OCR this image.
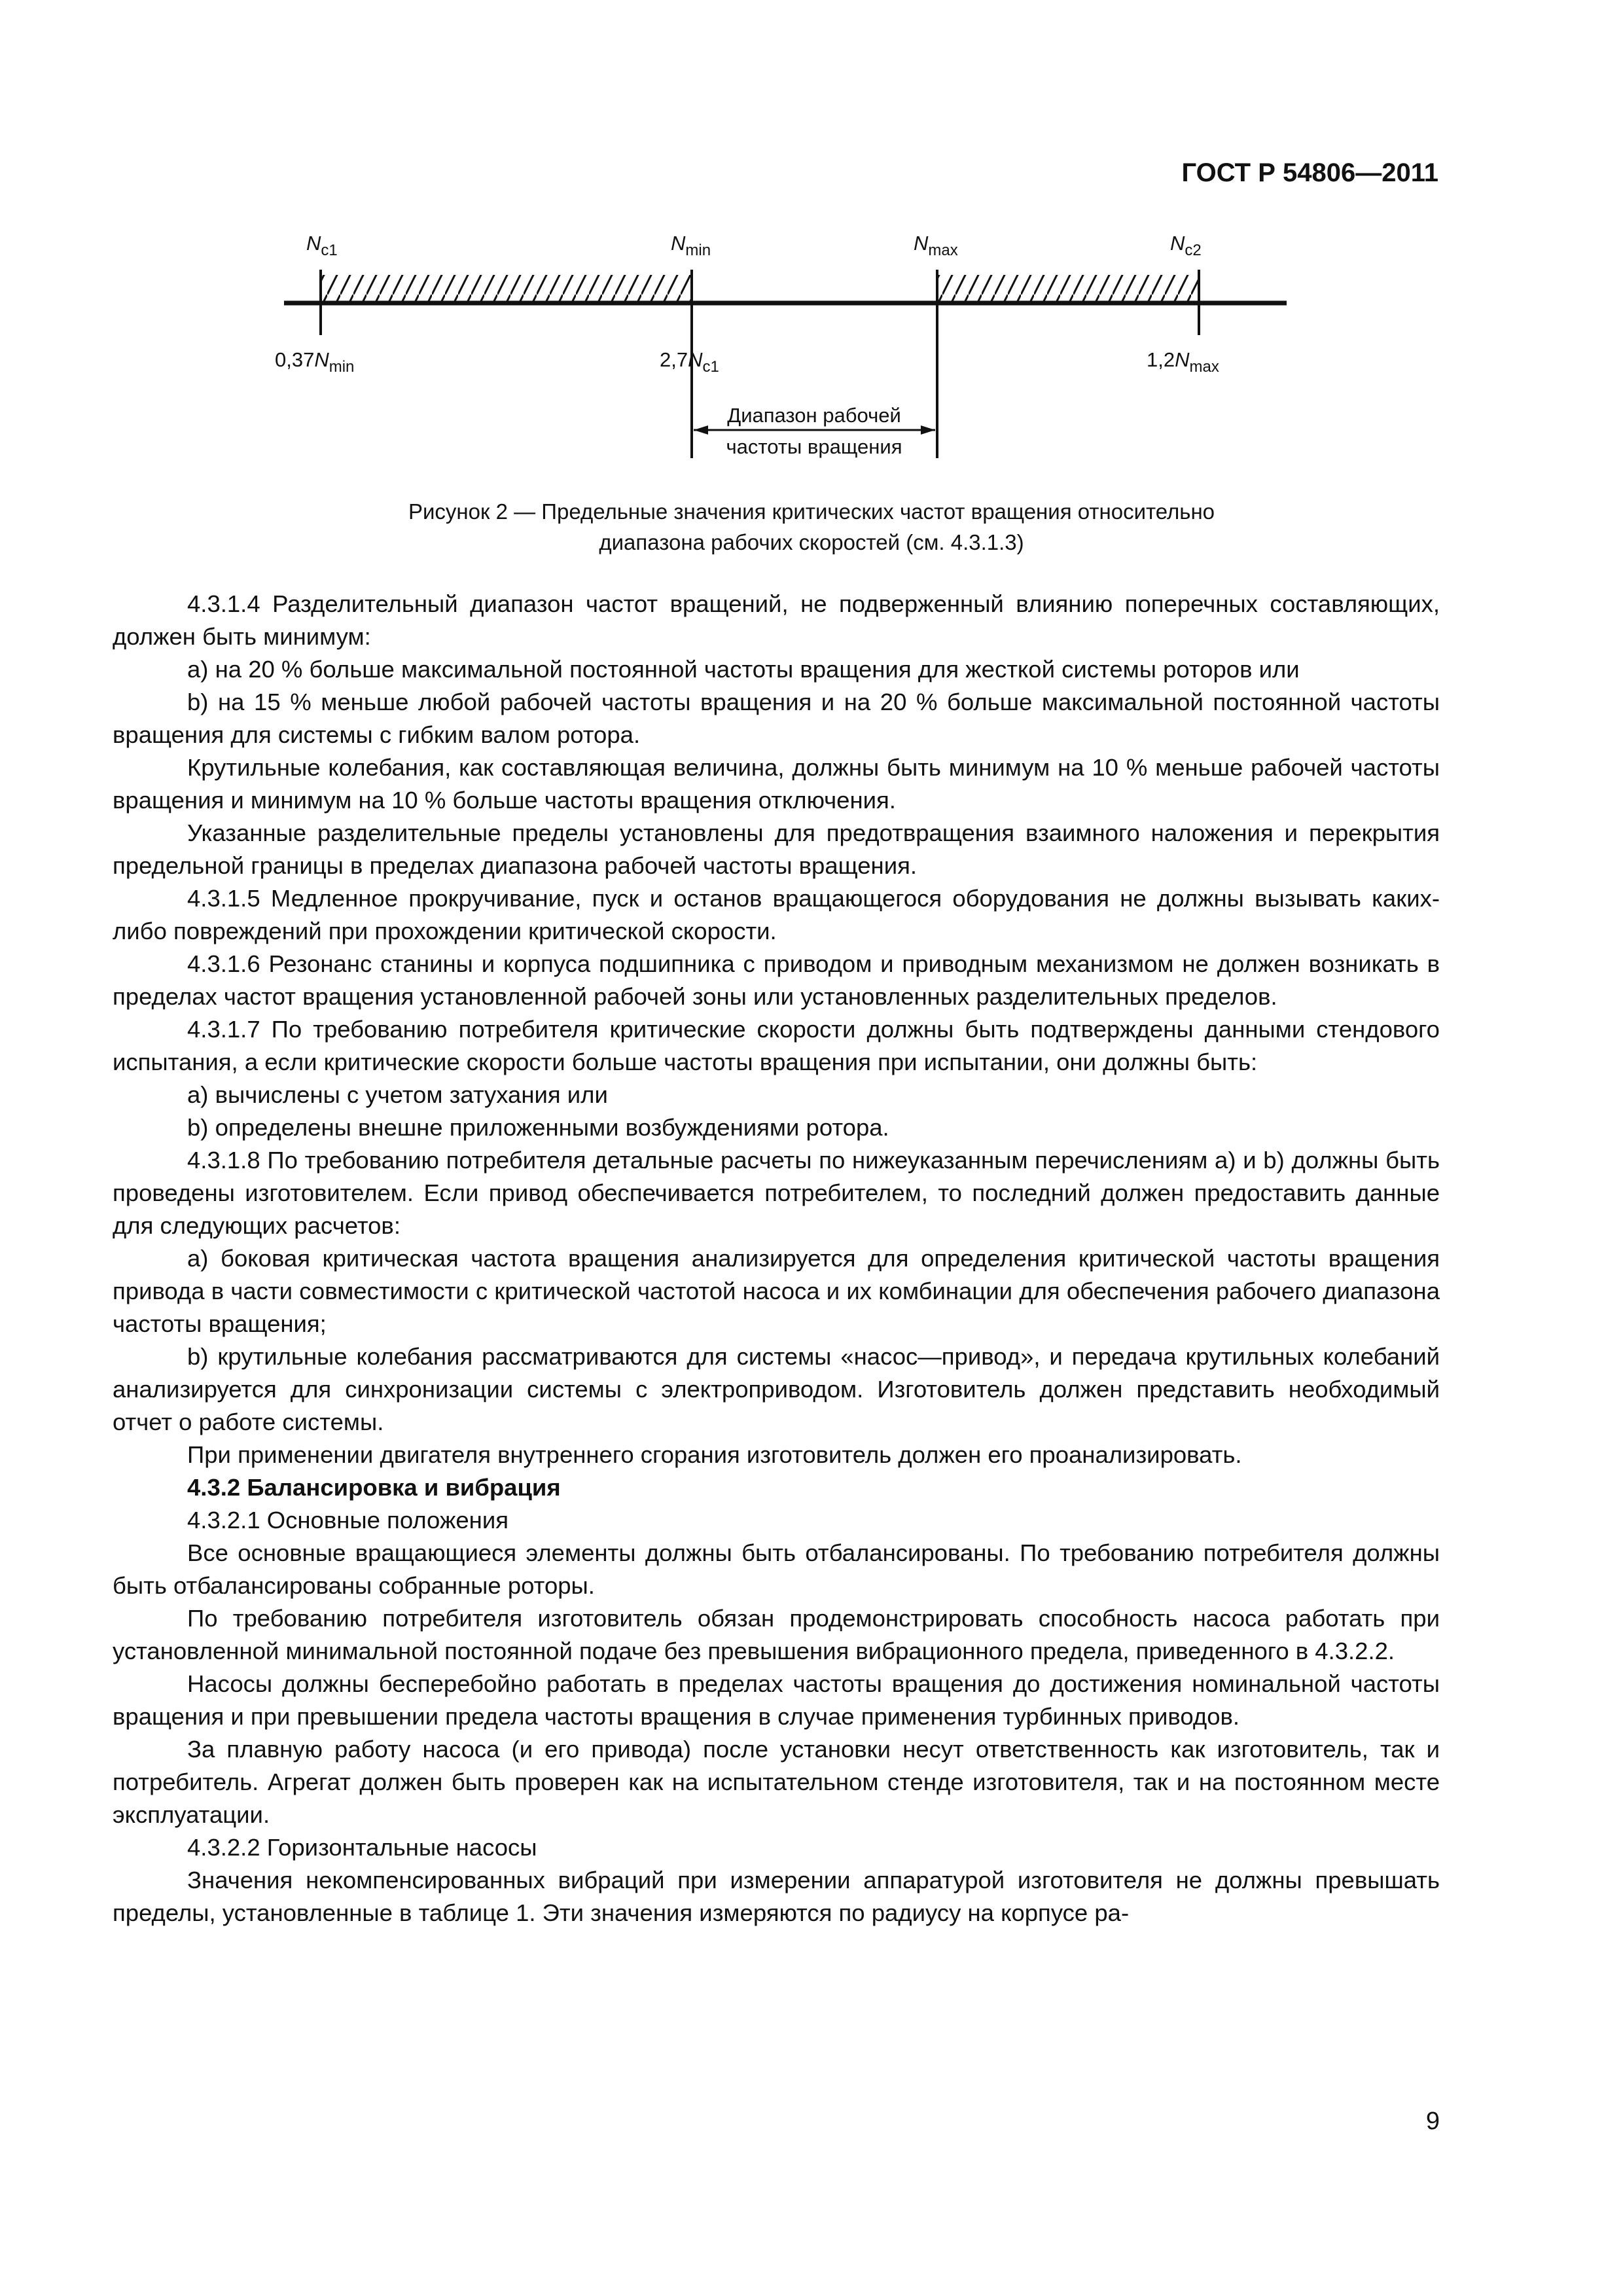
ГОСТ Р 54806—2011
$N_{c1}$	$N_{min}$	$N_{max}$	$N_{c2}$
$0,37N_{min}$	$2,7N_{c1}$	$1,2N_{max}$
Диапазон рабочей
частоты вращения
Рисунок 2 — Предельные значения критических частот вращения относительно
диапазона рабочих скоростей (см. 4.3.1.3)

4.3.1.4 Разделительный диапазон частот вращений, не подверженный влиянию поперечных составляющих, должен быть минимум:

a) на 20 % больше максимальной постоянной частоты вращения для жесткой системы роторов или

b) на 15 % меньше любой рабочей частоты вращения и на 20 % больше максимальной постоянной частоты вращения для системы с гибким валом ротора.

Крутильные колебания, как составляющая величина, должны быть минимум на 10 % меньше рабочей частоты вращения и минимум на 10 % больше частоты вращения отключения.

Указанные разделительные пределы установлены для предотвращения взаимного наложения и перекрытия предельной границы в пределах диапазона рабочей частоты вращения.

4.3.1.5 Медленное прокручивание, пуск и останов вращающегося оборудования не должны вызывать каких-либо повреждений при прохождении критической скорости.

4.3.1.6 Резонанс станины и корпуса подшипника с приводом и приводным механизмом не должен возникать в пределах частот вращения установленной рабочей зоны или установленных разделительных пределов.

4.3.1.7 По требованию потребителя критические скорости должны быть подтверждены данными стендового испытания, а если критические скорости больше частоты вращения при испытании, они должны быть:

a) вычислены с учетом затухания или

b) определены внешне приложенными возбуждениями ротора.

4.3.1.8 По требованию потребителя детальные расчеты по нижеуказанным перечислениям a) и b) должны быть проведены изготовителем. Если привод обеспечивается потребителем, то последний должен предоставить данные для следующих расчетов:

a) боковая критическая частота вращения анализируется для определения критической частоты вращения привода в части совместимости с критической частотой насоса и их комбинации для обеспечения рабочего диапазона частоты вращения;

b) крутильные колебания рассматриваются для системы «насос—привод», и передача крутильных колебаний анализируется для синхронизации системы с электроприводом. Изготовитель должен представить необходимый отчет о работе системы.

При применении двигателя внутреннего сгорания изготовитель должен его проанализировать.

4.3.2 Балансировка и вибрация

4.3.2.1 Основные положения

Все основные вращающиеся элементы должны быть отбалансированы. По требованию потребителя должны быть отбалансированы собранные роторы.

По требованию потребителя изготовитель обязан продемонстрировать способность насоса работать при установленной минимальной постоянной подаче без превышения вибрационного предела, приведенного в 4.3.2.2.

Насосы должны бесперебойно работать в пределах частоты вращения до достижения номинальной частоты вращения и при превышении предела частоты вращения в случае применения турбинных приводов.

За плавную работу насоса (и его привода) после установки несут ответственность как изготовитель, так и потребитель. Агрегат должен быть проверен как на испытательном стенде изготовителя, так и на постоянном месте эксплуатации.

4.3.2.2 Горизонтальные насосы

Значения некомпенсированных вибраций при измерении аппаратурой изготовителя не должны превышать пределы, установленные в таблице 1. Эти значения измеряются по радиусу на корпусе ра-

9
